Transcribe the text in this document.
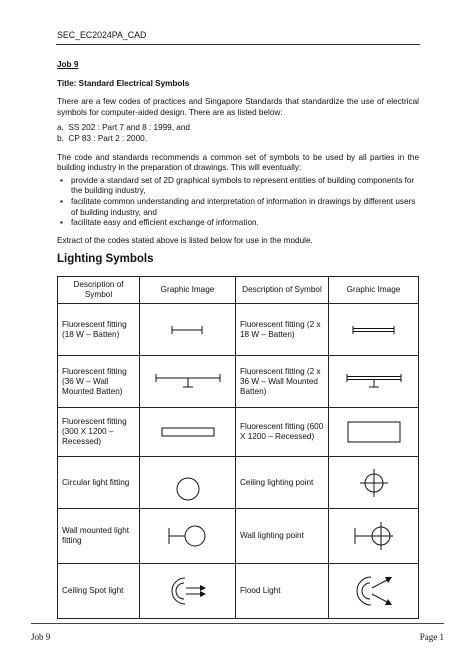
SEC_EC2024PA_CAD

Job 9

Title: Standard Electrical Symbols

There are a few codes of practices and Singapore Standards that standardize the use of electrical symbols for computer-aided design. There are as listed below:

a. SS 202 : Part 7 and 8 : 1999, and
b. CP 83 : Part 2 : 2000.

The code and standards recommends a common set of symbols to be used by all parties in the building industry in the preparation of drawings. This will eventually:

▪ provide a standard set of 2D graphical symbols to represent entities of building components for the building industry,
▪ facilitate common understanding and interpretation of information in drawings by different users of building industry, and
▪ facilitate easy and efficient exchange of information.

Extract of the codes stated above is listed below for use in the module.

Lighting Symbols

Description of Symbol	Graphic Image	Description of Symbol	Graphic Image
Fluorescent fitting (18 W – Batten)		Fluorescent fitting (2 x 18 W – Batten)	

Fluorescent fitting (36 W – Wall Mounted Batten)		Fluorescent fitting (2 x 36 W – Wall Mounted Batten)	

Fluorescent fitting (300 X 1200 – Recessed)		Fluorescent fitting (600 X 1200 – Recessed)	

Circular light fitting		Ceiling lighting point	

Wall mounted light fitting		Wall lighting point	

Ceiling Spot light		Flood Light	
Job 9	Page 1
